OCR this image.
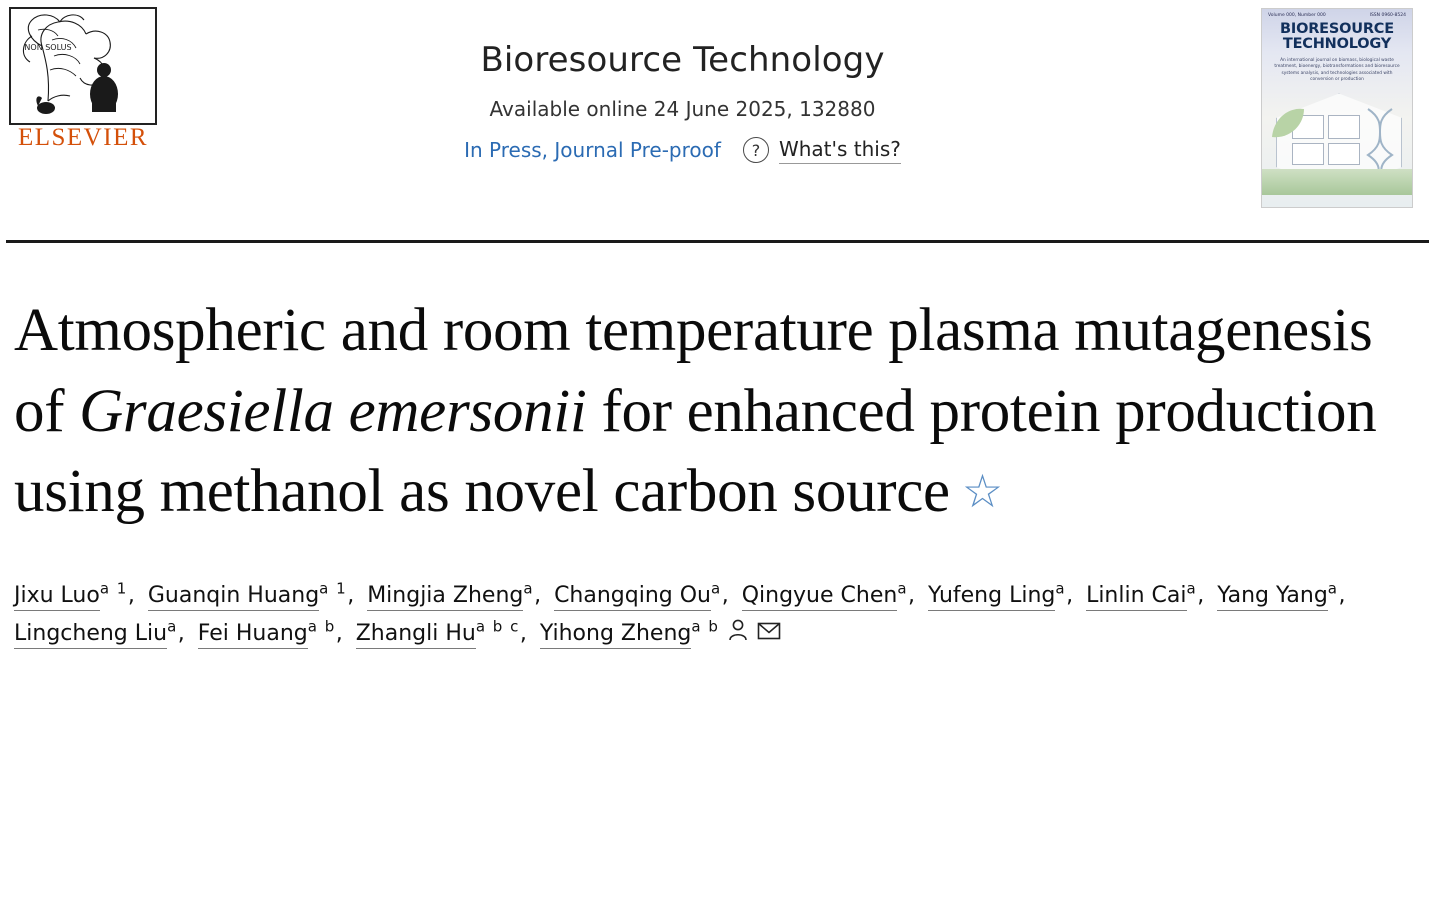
NON SOLUS
ELSEVIER
Bioresource Technology
Available online 24 June 2025, 132880
In Press, Journal Pre-proof	? What's this?
Volume 000, Number 000	ISSN 0960-8524
BIORESOURCE
TECHNOLOGY
An international journal on biomass, biological waste treatment, bioenergy, biotransformations and bioresource systems analysis, and technologies associated with conversion or production
Atmospheric and room temperature plasma mutagenesis of Graesiella emersonii for enhanced protein production using methanol as novel carbon source ☆
Jixu Luo$^{a 1}$, Guanqin Huang$^{a 1}$, Mingjia Zheng$^a$, Changqing Ou$^a$, Qingyue Chen$^a$, Yufeng Ling$^a$, Linlin Cai$^a$, Yang Yang$^a$, Lingcheng Liu$^a$, Fei Huang$^{a b}$, Zhangli Hu$^{a b c}$, Yihong Zheng$^{a b}$
